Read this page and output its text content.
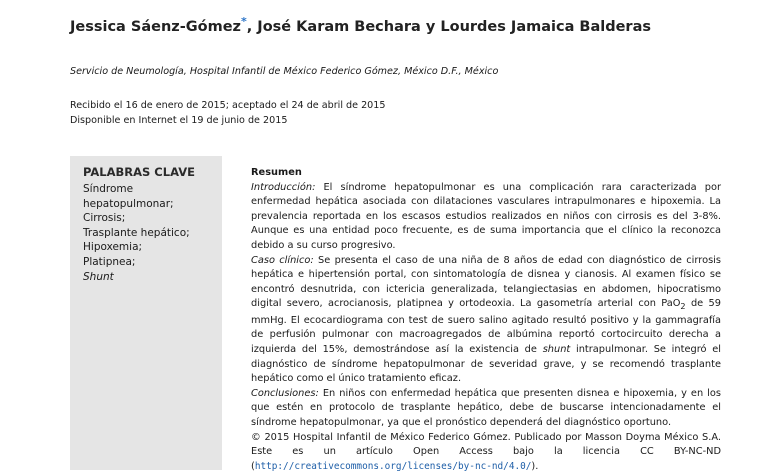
Jessica Sáenz-Gómez*, José Karam Bechara y Lourdes Jamaica Balderas
Servicio de Neumología, Hospital Infantil de México Federico Gómez, México D.F., México
Recibido el 16 de enero de 2015; aceptado el 24 de abril de 2015
Disponible en Internet el 19 de junio de 2015
PALABRAS CLAVE
Síndrome
hepatopulmonar;
Cirrosis;
Trasplante hepático;
Hipoxemia;
Platipnea;
Shunt
Resumen

Introducción: El síndrome hepatopulmonar es una complicación rara caracterizada por enfermedad hepática asociada con dilataciones vasculares intrapulmonares e hipoxemia. La prevalencia reportada en los escasos estudios realizados en niños con cirrosis es del 3-8%. Aunque es una entidad poco frecuente, es de suma importancia que el clínico la reconozca debido a su curso progresivo.

Caso clínico: Se presenta el caso de una niña de 8 años de edad con diagnóstico de cirrosis hepática e hipertensión portal, con sintomatología de disnea y cianosis. Al examen físico se encontró desnutrida, con ictericia generalizada, telangiectasias en abdomen, hipocratismo digital severo, acrocianosis, platipnea y ortodeoxia. La gasometría arterial con PaO$_2$ de 59 mmHg. El ecocardiograma con test de suero salino agitado resultó positivo y la gammagrafía de perfusión pulmonar con macroagregados de albúmina reportó cortocircuito derecha a izquierda del 15%, demostrándose así la existencia de shunt intrapulmonar. Se integró el diagnóstico de síndrome hepatopulmonar de severidad grave, y se recomendó trasplante hepático como el único tratamiento eficaz.

Conclusiones: En niños con enfermedad hepática que presenten disnea e hipoxemia, y en los que estén en protocolo de trasplante hepático, debe de buscarse intencionadamente el síndrome hepatopulmonar, ya que el pronóstico dependerá del diagnóstico oportuno.

© 2015 Hospital Infantil de México Federico Gómez. Publicado por Masson Doyma México S.A. Este es un artículo Open Access bajo la licencia CC BY-NC-ND (http://creativecommons.org/licenses/by-nc-nd/4.0/).
